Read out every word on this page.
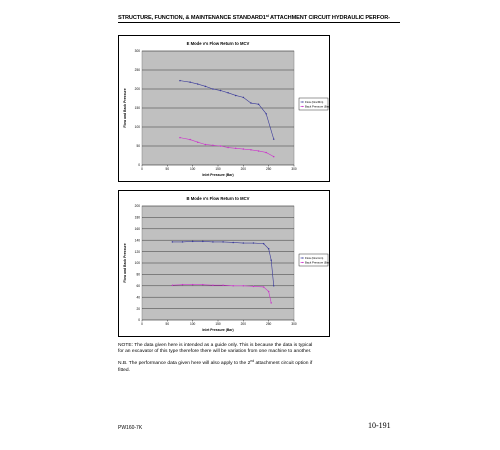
STRUCTURE, FUNCTION, & MAINTENANCE STANDARD1st ATTACHMENT CIRCUIT HYDRAULIC PERFOR-
E Mode v's Flow Return to MCV
0
50
100
150
200
250
300
0	50	100	150	200	250	300
Inlet Pressure (Bar)
Flow and Back Pressure	Flow (litre/Min)
Back Pressure (Bar)
B Mode v's Flow Return to MCV
0
20
40
60
80
100
120
140
160
180
200
0	50	100	150	200	250	300
Inlet Pressure (Bar)
Flow and Back Pressure	Flow (litre/min)
Back Pressure (Bar)

NOTE: The data given here is intended as a guide only. This is because the data is typical for an excavator of this type therefore there will be variation from one machine to another.

N.B. The performance data given here will also apply to the 2nd attachment circuit option if fitted.

PW160-7K	10-191
